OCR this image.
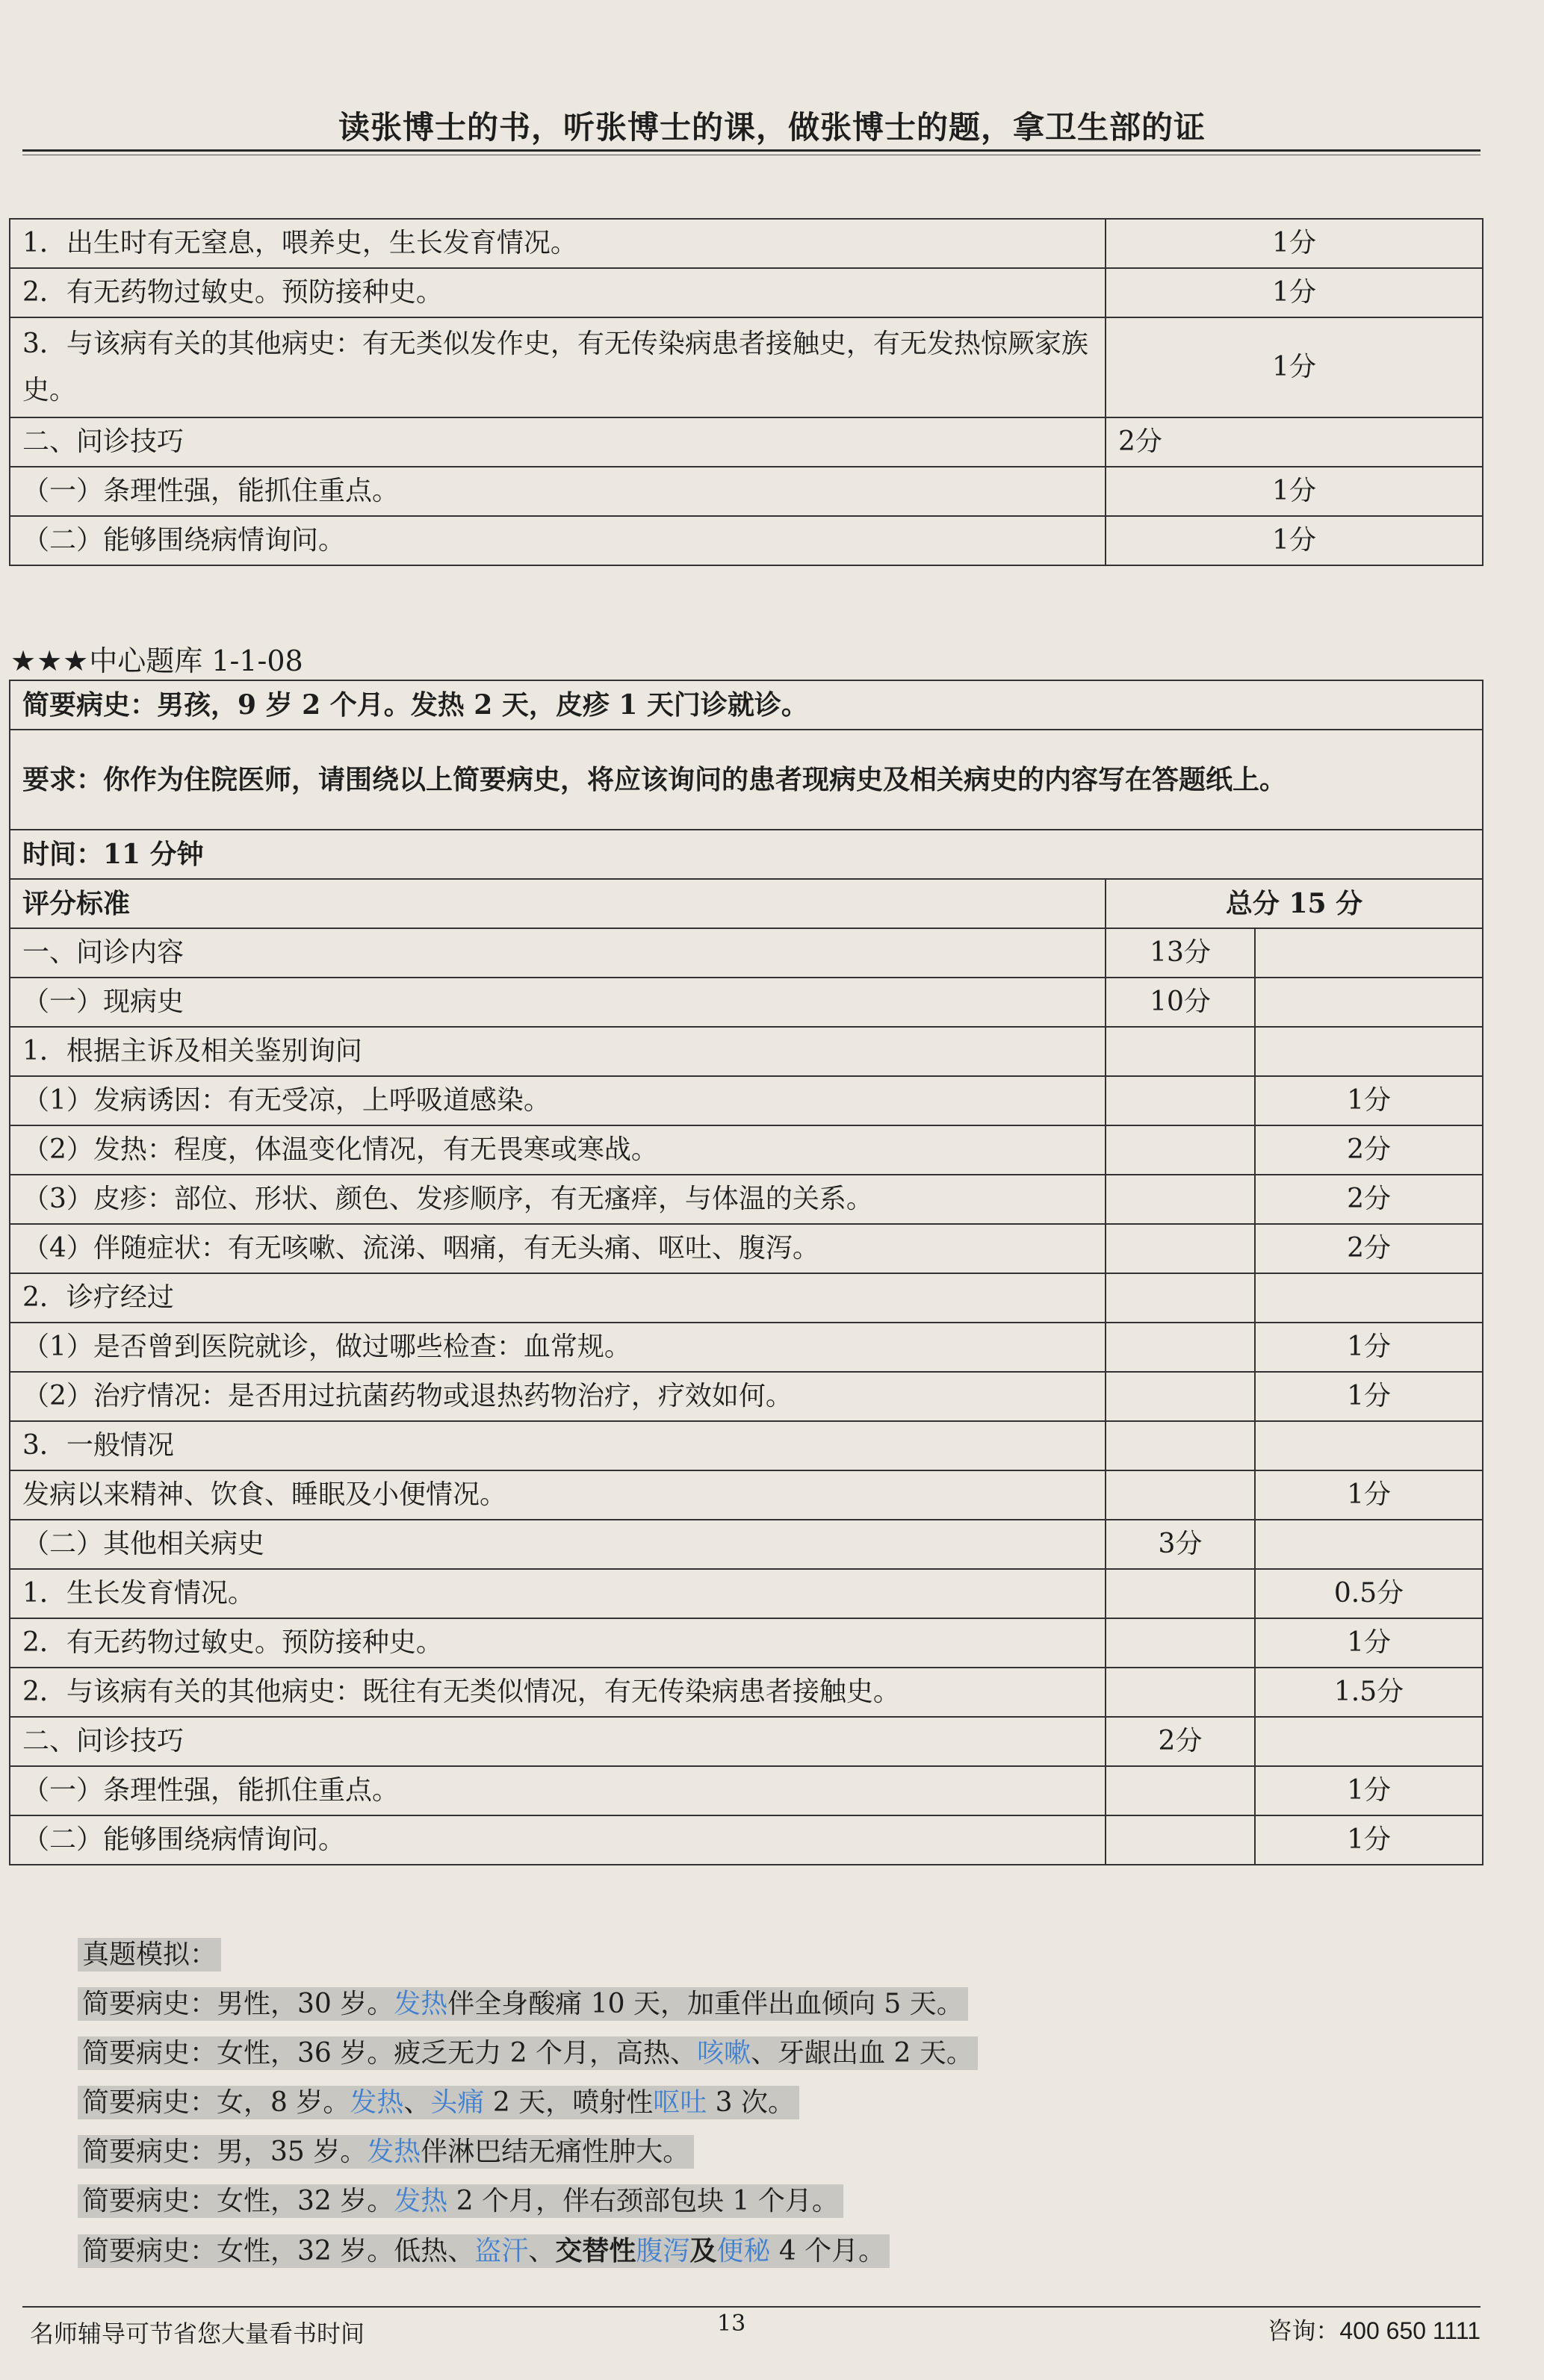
读张博士的书，听张博士的课，做张博士的题，拿卫生部的证
1．出生时有无窒息，喂养史，生长发育情况。	1分
2．有无药物过敏史。预防接种史。	1分
3．与该病有关的其他病史：有无类似发作史，有无传染病患者接触史，有无发热惊厥家族史。	1分
二、问诊技巧	2分
（一）条理性强，能抓住重点。	1分
（二）能够围绕病情询问。	1分
★★★中心题库 1-1-08
简要病史：男孩，9 岁 2 个月。发热 2 天，皮疹 1 天门诊就诊。		
要求：你作为住院医师，请围绕以上简要病史，将应该询问的患者现病史及相关病史的内容写在答题纸上。		
时间：11 分钟		
评分标准	总分 15 分	
一、问诊内容	13分	
（一）现病史	10分	
1．根据主诉及相关鉴别询问		
（1）发病诱因：有无受凉，上呼吸道感染。		1分
（2）发热：程度，体温变化情况，有无畏寒或寒战。		2分
（3）皮疹：部位、形状、颜色、发疹顺序，有无瘙痒，与体温的关系。		2分
（4）伴随症状：有无咳嗽、流涕、咽痛，有无头痛、呕吐、腹泻。		2分
2．诊疗经过		
（1）是否曾到医院就诊，做过哪些检查：血常规。		1分
（2）治疗情况：是否用过抗菌药物或退热药物治疗，疗效如何。		1分
3．一般情况		
发病以来精神、饮食、睡眠及小便情况。		1分
（二）其他相关病史	3分	
1．生长发育情况。		0.5分
2．有无药物过敏史。预防接种史。		1分
2．与该病有关的其他病史：既往有无类似情况，有无传染病患者接触史。		1.5分
二、问诊技巧	2分	
（一）条理性强，能抓住重点。		1分
（二）能够围绕病情询问。		1分
真题模拟：
简要病史：男性，30 岁。发热伴全身酸痛 10 天，加重伴出血倾向 5 天。
简要病史：女性，36 岁。疲乏无力 2 个月，高热、咳嗽、牙龈出血 2 天。
简要病史：女，8 岁。发热、头痛 2 天，喷射性呕吐 3 次。
简要病史：男，35 岁。发热伴淋巴结无痛性肿大。
简要病史：女性，32 岁。发热 2 个月，伴右颈部包块 1 个月。
简要病史：女性，32 岁。低热、盗汗、交替性腹泻及便秘 4 个月。
名师辅导可节省您大量看书时间	13	咨询：400 650 1111
